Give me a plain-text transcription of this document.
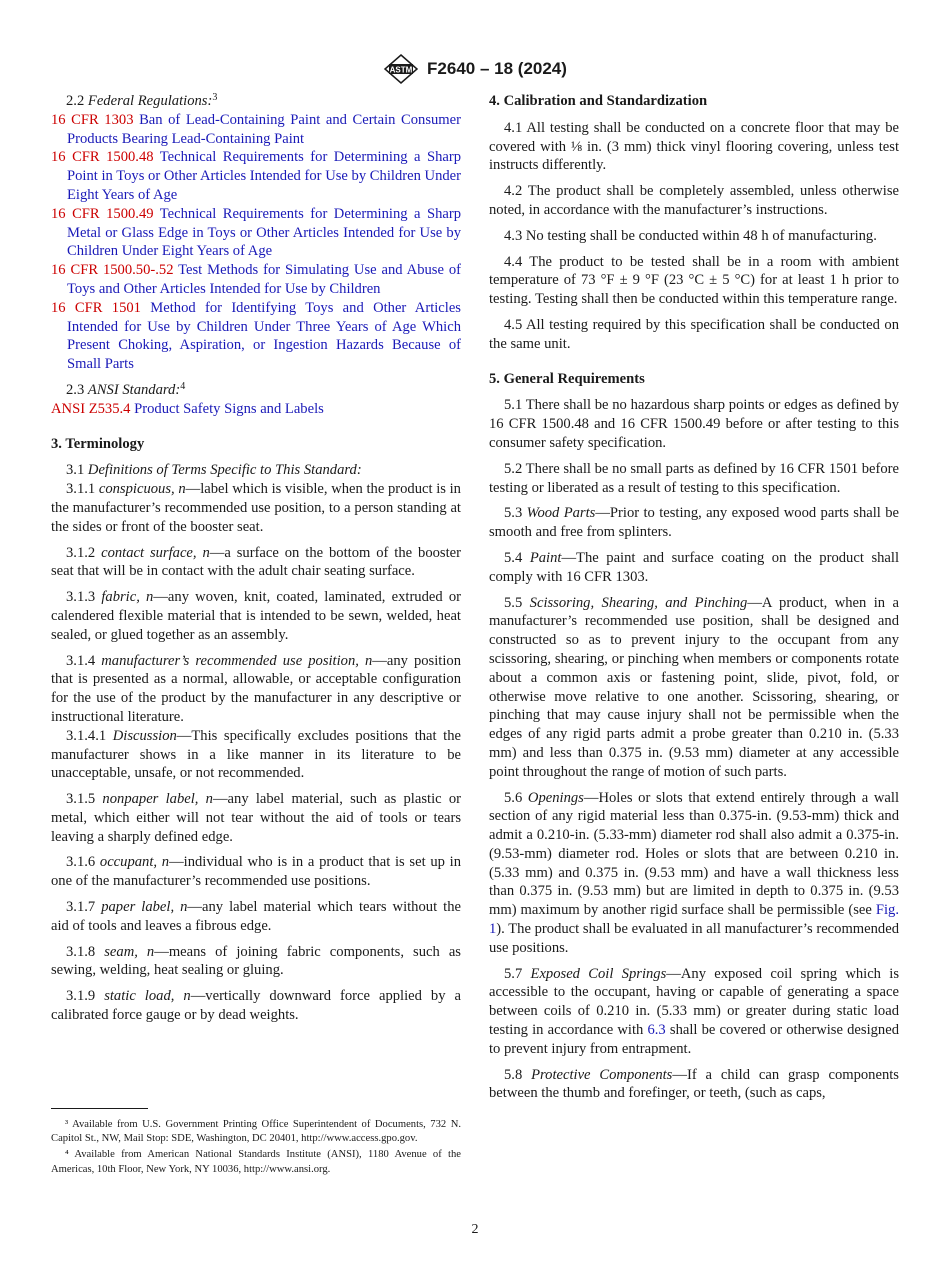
ASTM F2640 – 18 (2024)

2.2 Federal Regulations:$^3$

16 CFR 1303 Ban of Lead-Containing Paint and Certain Consumer Products Bearing Lead-Containing Paint

16 CFR 1500.48 Technical Requirements for Determining a Sharp Point in Toys or Other Articles Intended for Use by Children Under Eight Years of Age

16 CFR 1500.49 Technical Requirements for Determining a Sharp Metal or Glass Edge in Toys or Other Articles Intended for Use by Children Under Eight Years of Age

16 CFR 1500.50-.52 Test Methods for Simulating Use and Abuse of Toys and Other Articles Intended for Use by Children

16 CFR 1501 Method for Identifying Toys and Other Articles Intended for Use by Children Under Three Years of Age Which Present Choking, Aspiration, or Ingestion Hazards Because of Small Parts

2.3 ANSI Standard:$^4$

ANSI Z535.4 Product Safety Signs and Labels

3. Terminology

3.1 Definitions of Terms Specific to This Standard:

3.1.1 conspicuous, n—label which is visible, when the product is in the manufacturer’s recommended use position, to a person standing at the sides or front of the booster seat.

3.1.2 contact surface, n—a surface on the bottom of the booster seat that will be in contact with the adult chair seating surface.

3.1.3 fabric, n—any woven, knit, coated, laminated, extruded or calendered flexible material that is intended to be sewn, welded, heat sealed, or glued together as an assembly.

3.1.4 manufacturer’s recommended use position, n—any position that is presented as a normal, allowable, or acceptable configuration for the use of the product by the manufacturer in any descriptive or instructional literature.

3.1.4.1 Discussion—This specifically excludes positions that the manufacturer shows in a like manner in its literature to be unacceptable, unsafe, or not recommended.

3.1.5 nonpaper label, n—any label material, such as plastic or metal, which either will not tear without the aid of tools or tears leaving a sharply defined edge.

3.1.6 occupant, n—individual who is in a product that is set up in one of the manufacturer’s recommended use positions.

3.1.7 paper label, n—any label material which tears without the aid of tools and leaves a fibrous edge.

3.1.8 seam, n—means of joining fabric components, such as sewing, welding, heat sealing or gluing.

3.1.9 static load, n—vertically downward force applied by a calibrated force gauge or by dead weights.

4. Calibration and Standardization

4.1 All testing shall be conducted on a concrete floor that may be covered with ⅛ in. (3 mm) thick vinyl flooring covering, unless test instructs differently.

4.2 The product shall be completely assembled, unless otherwise noted, in accordance with the manufacturer’s instructions.

4.3 No testing shall be conducted within 48 h of manufacturing.

4.4 The product to be tested shall be in a room with ambient temperature of 73 °F ± 9 °F (23 °C ± 5 °C) for at least 1 h prior to testing. Testing shall then be conducted within this temperature range.

4.5 All testing required by this specification shall be conducted on the same unit.

5. General Requirements

5.1 There shall be no hazardous sharp points or edges as defined by 16 CFR 1500.48 and 16 CFR 1500.49 before or after testing to this consumer safety specification.

5.2 There shall be no small parts as defined by 16 CFR 1501 before testing or liberated as a result of testing to this specification.

5.3 Wood Parts—Prior to testing, any exposed wood parts shall be smooth and free from splinters.

5.4 Paint—The paint and surface coating on the product shall comply with 16 CFR 1303.

5.5 Scissoring, Shearing, and Pinching—A product, when in a manufacturer’s recommended use position, shall be designed and constructed so as to prevent injury to the occupant from any scissoring, shearing, or pinching when members or components rotate about a common axis or fastening point, slide, pivot, fold, or otherwise move relative to one another. Scissoring, shearing, or pinching that may cause injury shall not be permissible when the edges of any rigid parts admit a probe greater than 0.210 in. (5.33 mm) and less than 0.375 in. (9.53 mm) diameter at any accessible point throughout the range of motion of such parts.

5.6 Openings—Holes or slots that extend entirely through a wall section of any rigid material less than 0.375-in. (9.53-mm) thick and admit a 0.210-in. (5.33-mm) diameter rod shall also admit a 0.375-in. (9.53-mm) diameter rod. Holes or slots that are between 0.210 in. (5.33 mm) and 0.375 in. (9.53 mm) and have a wall thickness less than 0.375 in. (9.53 mm) but are limited in depth to 0.375 in. (9.53 mm) maximum by another rigid surface shall be permissible (see Fig. 1). The product shall be evaluated in all manufacturer’s recommended use positions.

5.7 Exposed Coil Springs—Any exposed coil spring which is accessible to the occupant, having or capable of generating a space between coils of 0.210 in. (5.33 mm) or greater during static load testing in accordance with 6.3 shall be covered or otherwise designed to prevent injury from entrapment.

5.8 Protective Components—If a child can grasp components between the thumb and forefinger, or teeth, (such as caps,

³ Available from U.S. Government Printing Office Superintendent of Documents, 732 N. Capitol St., NW, Mail Stop: SDE, Washington, DC 20401, http://www.access.gpo.gov.

⁴ Available from American National Standards Institute (ANSI), 1180 Avenue of the Americas, 10th Floor, New York, NY 10036, http://www.ansi.org.

2
